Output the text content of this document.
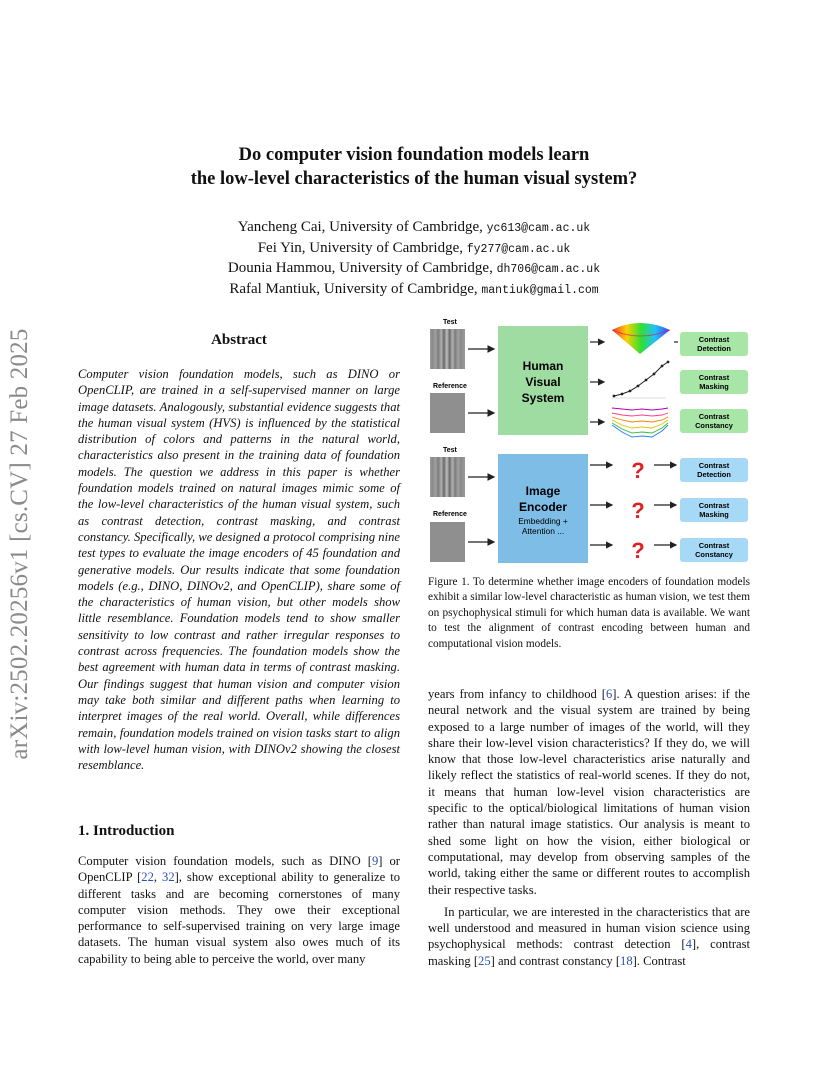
arXiv:2502.20256v1 [cs.CV] 27 Feb 2025
Do computer vision foundation models learn
the low-level characteristics of the human visual system?
Yancheng Cai, University of Cambridge, yc613@cam.ac.uk
Fei Yin, University of Cambridge, fy277@cam.ac.uk
Dounia Hammou, University of Cambridge, dh706@cam.ac.uk
Rafal Mantiuk, University of Cambridge, mantiuk@gmail.com
Abstract

Computer vision foundation models, such as DINO or OpenCLIP, are trained in a self-supervised manner on large image datasets. Analogously, substantial evidence suggests that the human visual system (HVS) is influenced by the statistical distribution of colors and patterns in the natural world, characteristics also present in the training data of foundation models. The question we address in this paper is whether foundation models trained on natural images mimic some of the low-level characteristics of the human visual system, such as contrast detection, contrast masking, and contrast constancy. Specifically, we designed a protocol comprising nine test types to evaluate the image encoders of 45 foundation and generative models. Our results indicate that some foundation models (e.g., DINO, DINOv2, and OpenCLIP), share some of the characteristics of human vision, but other models show little resemblance. Foundation models tend to show smaller sensitivity to low contrast and rather irregular responses to contrast across frequencies. The foundation models show the best agreement with human data in terms of contrast masking. Our findings suggest that human vision and computer vision may take both similar and different paths when learning to interpret images of the real world. Overall, while differences remain, foundation models trained on vision tasks start to align with low-level human vision, with DINOv2 showing the closest resemblance.

1. Introduction

Computer vision foundation models, such as DINO [9] or OpenCLIP [22, 32], show exceptional ability to generalize to different tasks and are becoming cornerstones of many computer vision methods. They owe their exceptional performance to self-supervised training on very large image datasets. The human visual system also owes much of its capability to being able to perceive the world, over many

Test
Reference
Human
Visual
System
Contrast
Detection
Contrast
Masking
Contrast
Constancy
Test
Reference
Image
Encoder
Embedding +
Attention ...
?
?
?
Contrast
Detection
Contrast
Masking
Contrast
Constancy

Figure 1. To determine whether image encoders of foundation models exhibit a similar low-level characteristic as human vision, we test them on psychophysical stimuli for which human data is available. We want to test the alignment of contrast encoding between human and computational vision models.

years from infancy to childhood [6]. A question arises: if the neural network and the visual system are trained by being exposed to a large number of images of the world, will they share their low-level vision characteristics? If they do, we will know that those low-level characteristics arise naturally and likely reflect the statistics of real-world scenes. If they do not, it means that human low-level vision characteristics are specific to the optical/biological limitations of human vision rather than natural image statistics. Our analysis is meant to shed some light on how the vision, either biological or computational, may develop from observing samples of the world, taking either the same or different routes to accomplish their respective tasks.

In particular, we are interested in the characteristics that are well understood and measured in human vision science using psychophysical methods: contrast detection [4], contrast masking [25] and contrast constancy [18]. Contrast
